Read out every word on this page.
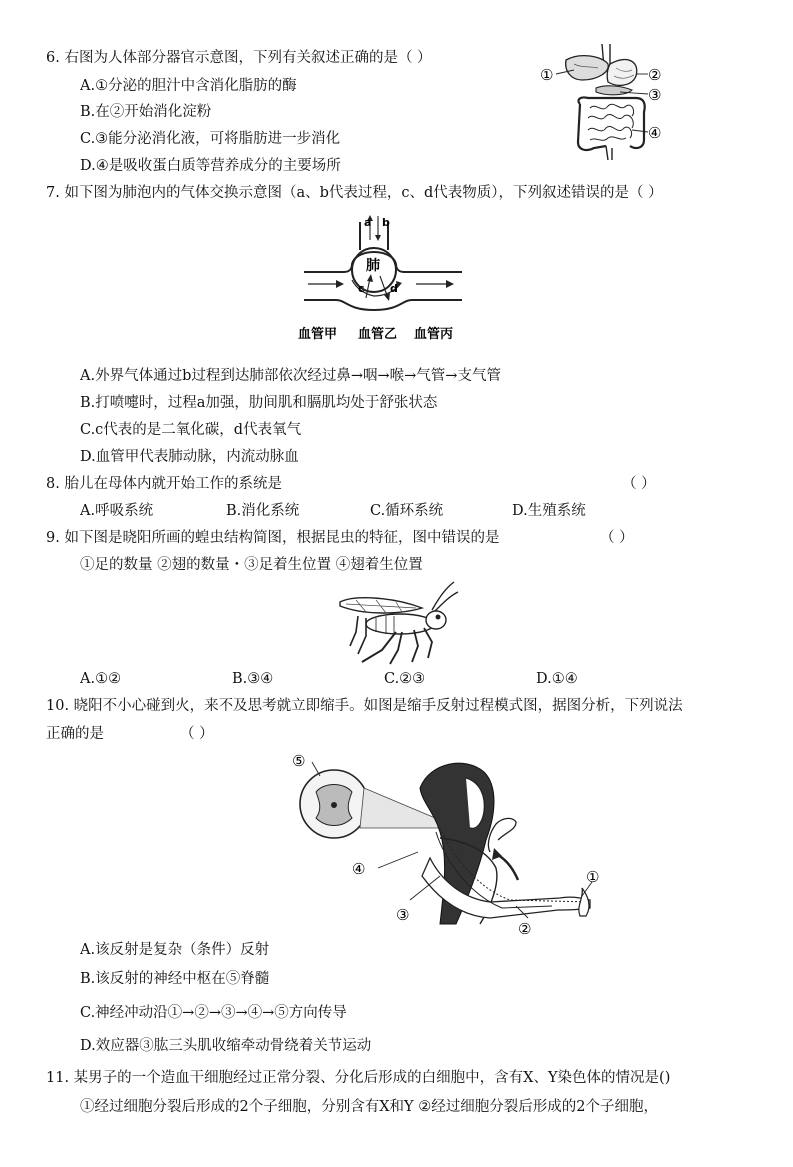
6. 右图为人体部分器官示意图，下列有关叙述正确的是（ ）
A.①分泌的胆汁中含消化脂肪的酶
B.在②开始消化淀粉
C.③能分泌消化液，可将脂肪进一步消化
D.④是吸收蛋白质等营养成分的主要场所
①	②
③
④
7. 如下图为肺泡内的气体交换示意图（a、b代表过程，c、d代表物质），下列叙述错误的是（ ）
a b
肺
c d
血管甲 血管乙 血管丙
A.外界气体通过b过程到达肺部依次经过鼻→咽→喉→气管→支气管
B.打喷嚏时，过程a加强，肋间肌和膈肌均处于舒张状态
C.c代表的是二氧化碳，d代表氧气
D.血管甲代表肺动脉，内流动脉血
8. 胎儿在母体内就开始工作的系统是	（ ）
A.呼吸系统	B.消化系统	C.循环系统	D.生殖系统
9. 如下图是晓阳所画的蝗虫结构简图，根据昆虫的特征，图中错误的是	（ ）
①足的数量 ②翅的数量・③足着生位置 ④翅着生位置
A.①②	B.③④	C.②③	D.①④
10. 晓阳不小心碰到火，来不及思考就立即缩手。如图是缩手反射过程模式图，据图分析，下列说法
正确的是	（ ）
⑤
④
③
②
①
A.该反射是复杂（条件）反射
B.该反射的神经中枢在⑤脊髓
C.神经冲动沿①→②→③→④→⑤方向传导
D.效应器③肱三头肌收缩牵动骨绕着关节运动
11. 某男子的一个造血干细胞经过正常分裂、分化后形成的白细胞中，含有X、Y染色体的情况是()
①经过细胞分裂后形成的2个子细胞，分别含有X和Y ②经过细胞分裂后形成的2个子细胞，
